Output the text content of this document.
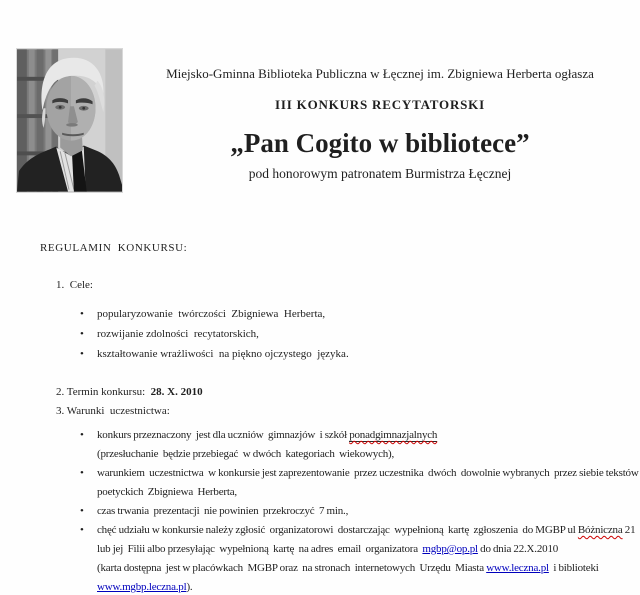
Miejsko-Gminna Biblioteka Publiczna w Łęcznej im. Zbigniewa Herberta ogłasza

III KONKURS RECYTATORSKI

„Pan Cogito w bibliotece”

pod honorowym patronatem Burmistrza Łęcznej

REGULAMIN KONKURSU:

1.  Cele:
•	popularyzowanie  twórczości  Zbigniewa  Herberta,
•	rozwijanie zdolności  recytatorskich,
•	kształtowanie wrażliwości  na piękno ojczystego  języka.
2. Termin konkursu:  28. X. 2010
3. Warunki  uczestnictwa:
•	konkurs przeznaczony  jest dla uczniów  gimnazjów  i szkół ponadgimnazjalnych
(przesłuchanie  będzie przebiegać  w dwóch  kategoriach  wiekowych),
•	warunkiem  uczestnictwa  w konkursie jest zaprezentowanie  przez uczestnika  dwóch  dowolnie wybranych  przez siebie tekstów
poetyckich  Zbigniewa  Herberta,
•	czas trwania  prezentacji  nie powinien  przekroczyć  7 min.,
•	chęć udziału w konkursie należy zgłosić  organizatorowi  dostarczając  wypełnioną  kartę  zgłoszenia  do MGBP ul Bóżniczna 21
lub jej  Filii albo przesyłając  wypełnioną  kartę  na adres  email  organizatora  mgbp@op.pl do dnia 22.X.2010
(karta dostępna  jest w placówkach  MGBP oraz  na stronach  internetowych  Urzędu  Miasta www.leczna.pl  i biblioteki
www.mgbp.leczna.pl).
